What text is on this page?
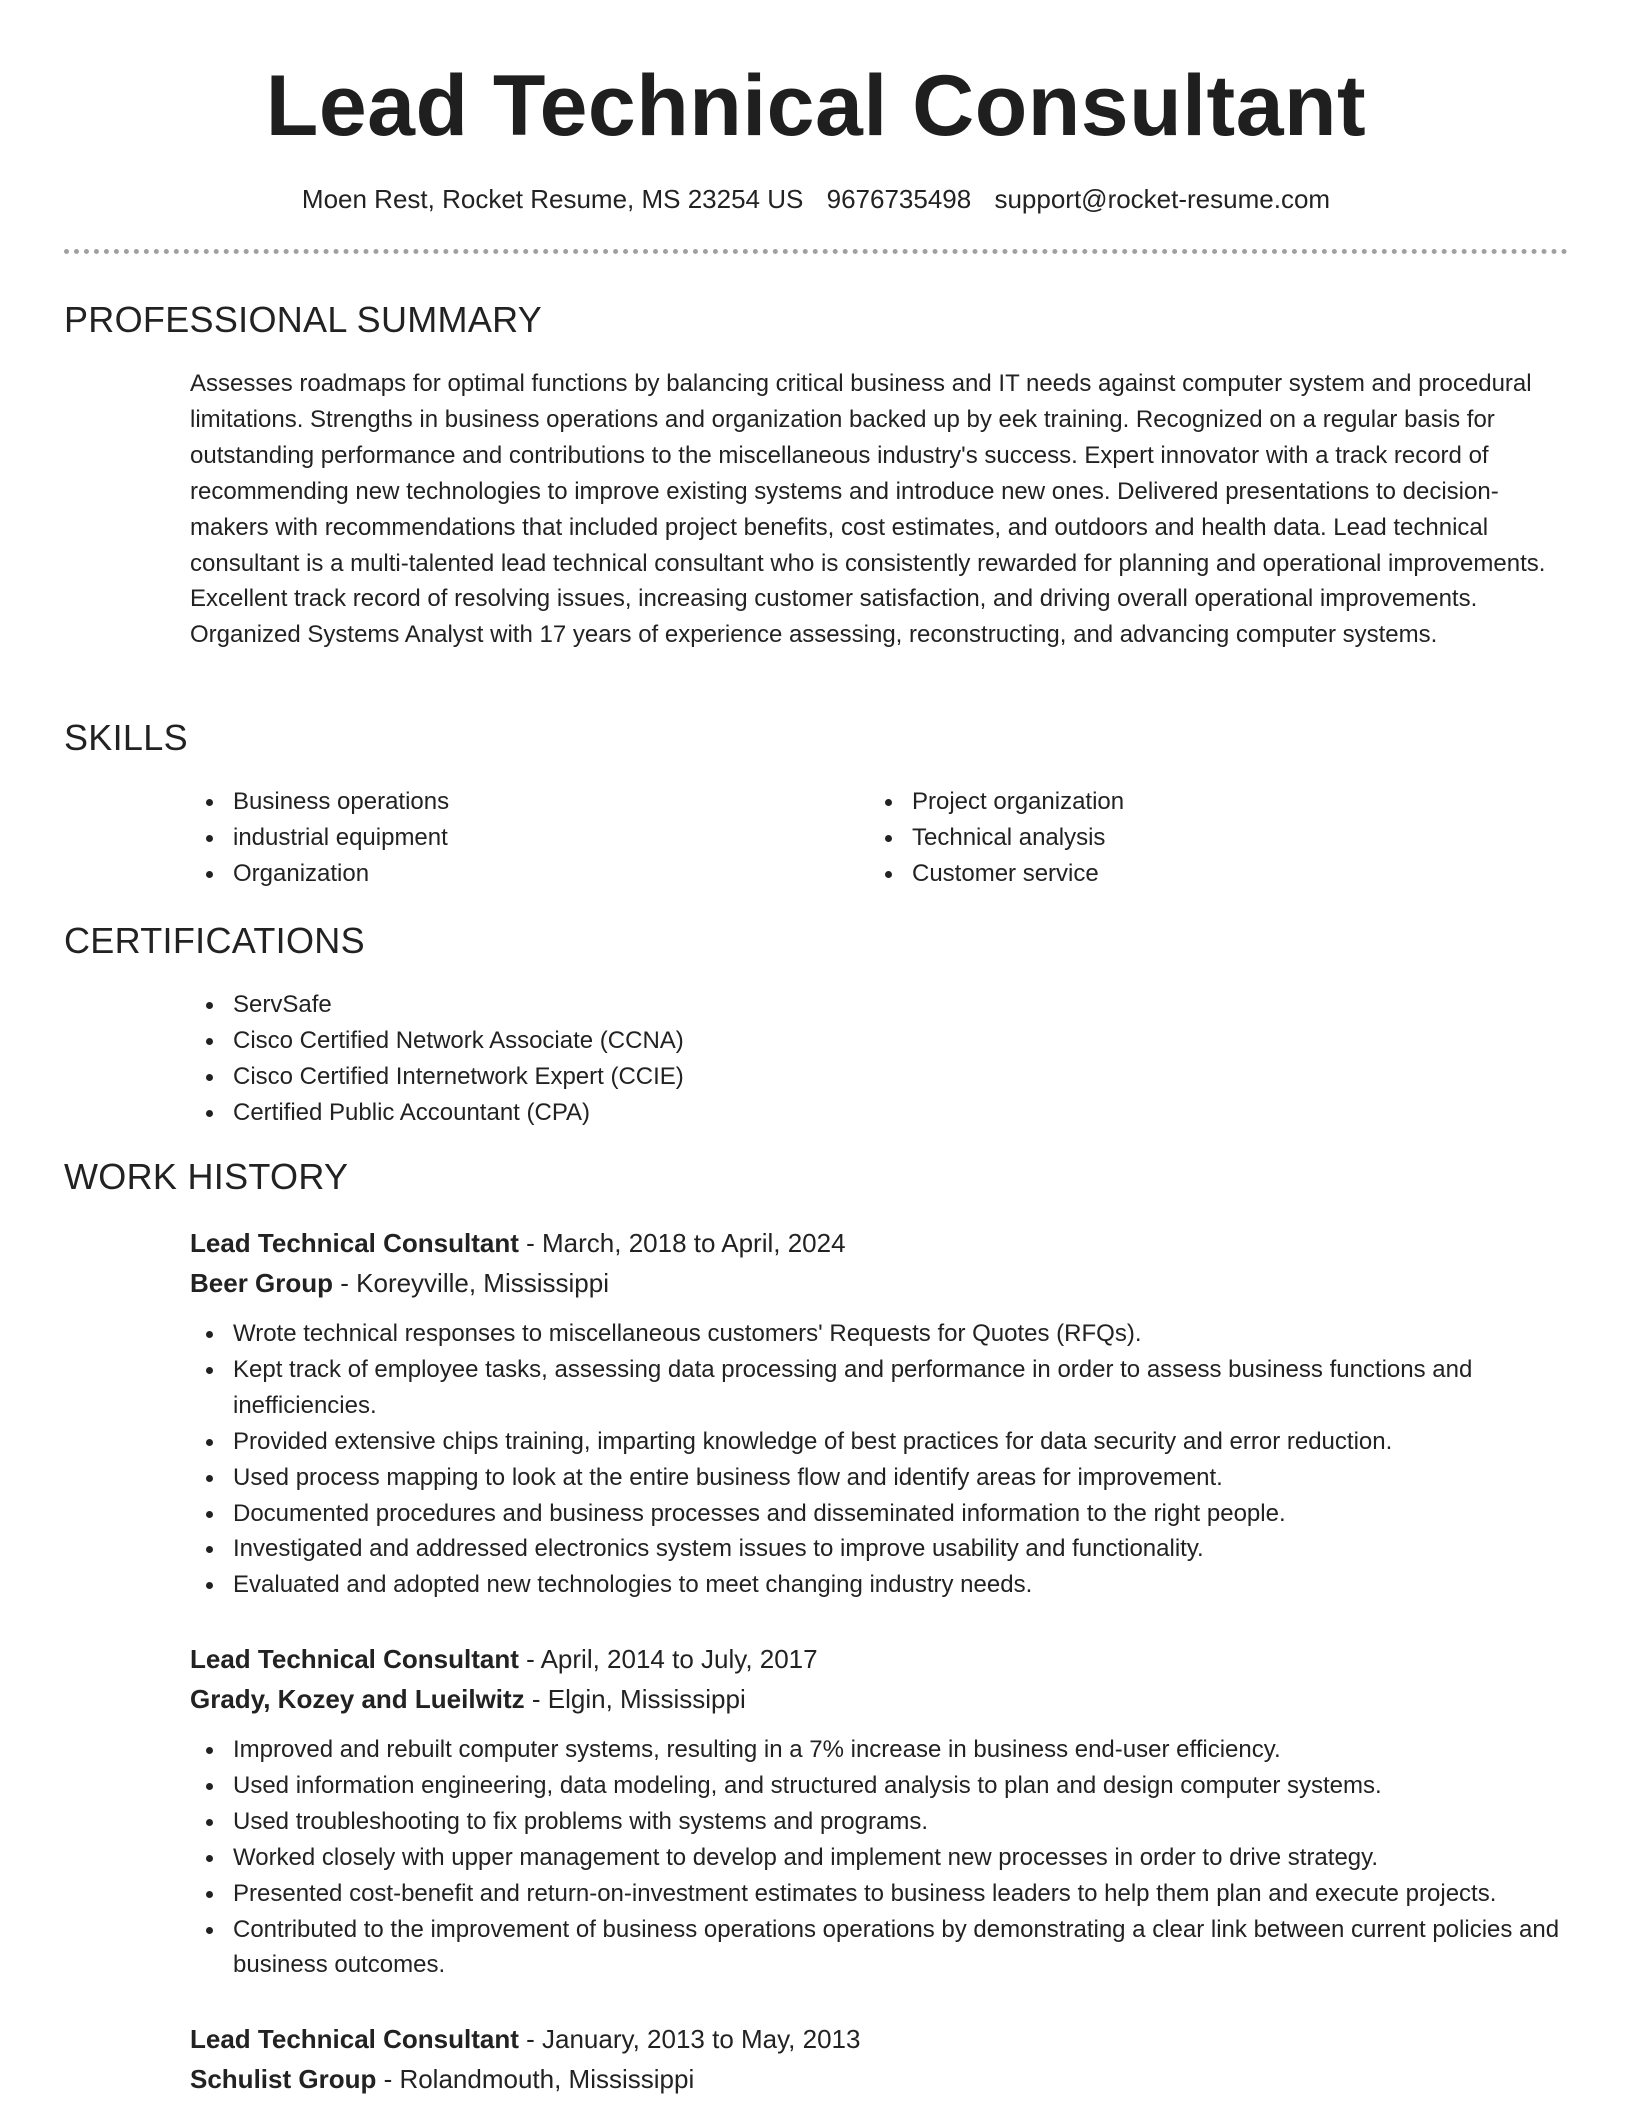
Lead Technical Consultant
Moen Rest, Rocket Resume, MS 23254 US 9676735498 support@rocket-resume.com
PROFESSIONAL SUMMARY

Assesses roadmaps for optimal functions by balancing critical business and IT needs against computer system and procedural limitations. Strengths in business operations and organization backed up by eek training. Recognized on a regular basis for outstanding performance and contributions to the miscellaneous industry's success. Expert innovator with a track record of recommending new technologies to improve existing systems and introduce new ones. Delivered presentations to decision-makers with recommendations that included project benefits, cost estimates, and outdoors and health data. Lead technical consultant is a multi-talented lead technical consultant who is consistently rewarded for planning and operational improvements. Excellent track record of resolving issues, increasing customer satisfaction, and driving overall operational improvements. Organized Systems Analyst with 17 years of experience assessing, reconstructing, and advancing computer systems.

SKILLS
Business operations
industrial equipment
Organization
Project organization
Technical analysis
Customer service
CERTIFICATIONS
ServSafe
Cisco Certified Network Associate (CCNA)
Cisco Certified Internetwork Expert (CCIE)
Certified Public Accountant (CPA)
WORK HISTORY
Lead Technical Consultant - March, 2018 to April, 2024
Beer Group - Koreyville, Mississippi
Wrote technical responses to miscellaneous customers' Requests for Quotes (RFQs).
Kept track of employee tasks, assessing data processing and performance in order to assess business functions and inefficiencies.
Provided extensive chips training, imparting knowledge of best practices for data security and error reduction.
Used process mapping to look at the entire business flow and identify areas for improvement.
Documented procedures and business processes and disseminated information to the right people.
Investigated and addressed electronics system issues to improve usability and functionality.
Evaluated and adopted new technologies to meet changing industry needs.
Lead Technical Consultant - April, 2014 to July, 2017
Grady, Kozey and Lueilwitz - Elgin, Mississippi
Improved and rebuilt computer systems, resulting in a 7% increase in business end-user efficiency.
Used information engineering, data modeling, and structured analysis to plan and design computer systems.
Used troubleshooting to fix problems with systems and programs.
Worked closely with upper management to develop and implement new processes in order to drive strategy.
Presented cost-benefit and return-on-investment estimates to business leaders to help them plan and execute projects.
Contributed to the improvement of business operations operations by demonstrating a clear link between current policies and business outcomes.
Lead Technical Consultant - January, 2013 to May, 2013
Schulist Group - Rolandmouth, Mississippi
